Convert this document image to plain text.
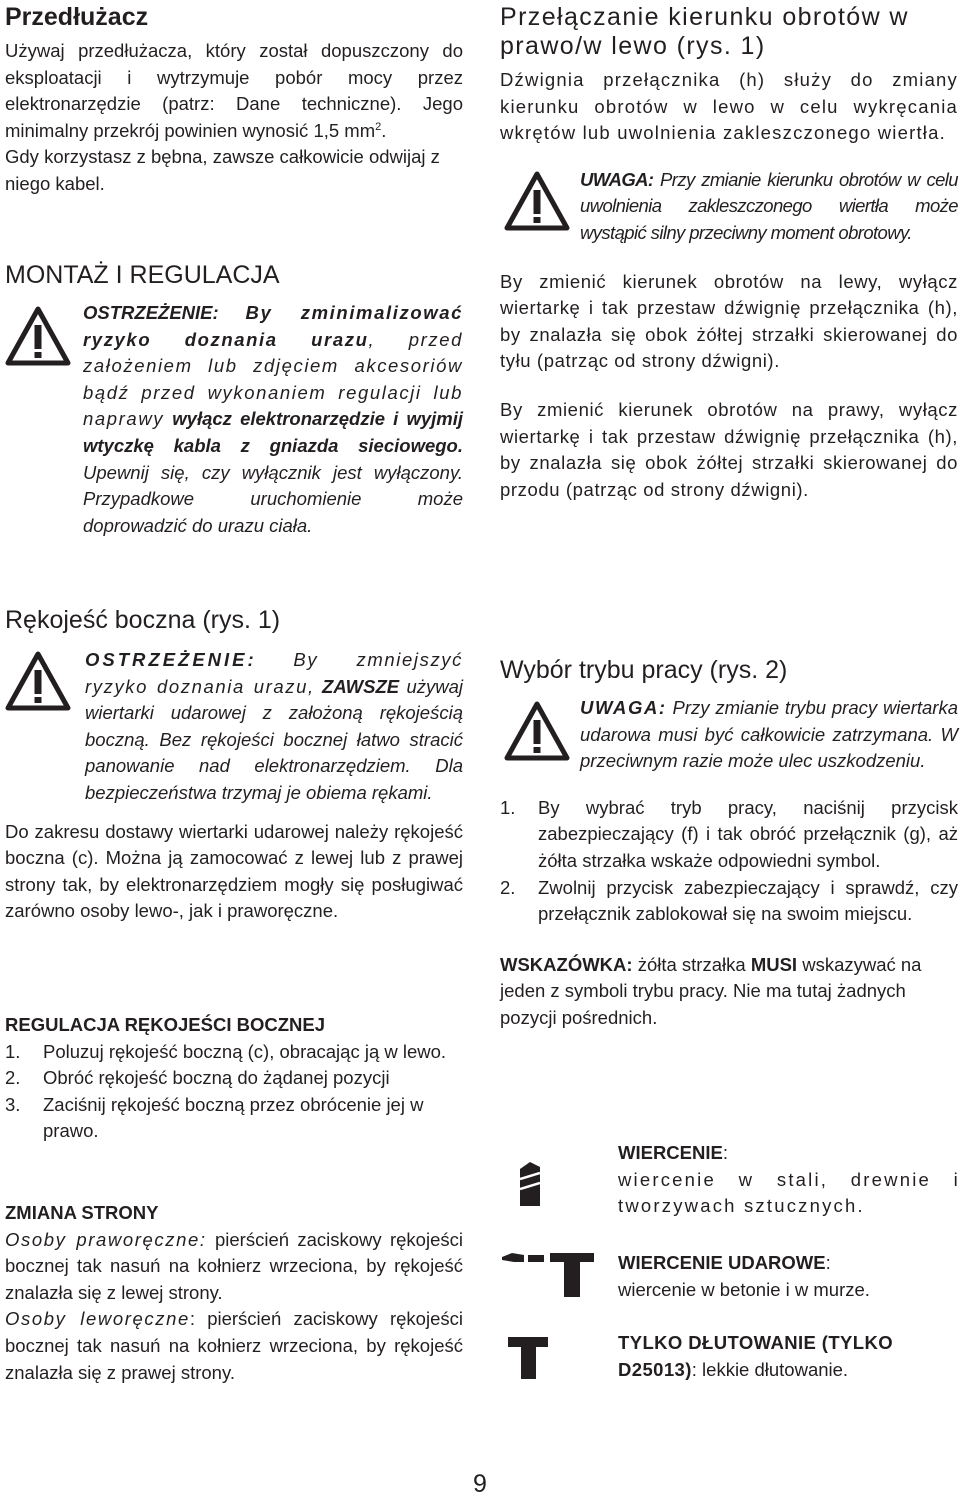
Przedłużacz

Używaj przedłużacza, który został dopuszczony do eksploatacji i wytrzymuje pobór mocy przez elektronarzędzie (patrz: Dane techniczne). Jego minimalny przekrój powinien wynosić 1,5 $mm^2$.

Gdy korzystasz z bębna, zawsze całkowicie odwijaj z niego kabel.

MONTAŻ I REGULACJA

OSTRZEŻENIE: By zminimalizować ryzyko doznania urazu, przed założeniem lub zdjęciem akcesoriów bądź przed wykonaniem regulacji lub naprawy wyłącz elektronarzędzie i wyjmij wtyczkę kabla z gniazda sieciowego. Upewnij się, czy wyłącznik jest wyłączony. Przypadkowe uruchomienie może doprowadzić do urazu ciała.

Rękojeść boczna (rys. 1)

OSTRZEŻENIE: By zmniejszyć ryzyko doznania urazu, ZAWSZE używaj wiertarki udarowej z założoną rękojeścią boczną. Bez rękojeści bocznej łatwo stracić panowanie nad elektronarzędziem. Dla bezpieczeństwa trzymaj je obiema rękami.

Do zakresu dostawy wiertarki udarowej należy rękojeść boczna (c). Można ją zamocować z lewej lub z prawej strony tak, by elektronarzędziem mogły się posługiwać zarówno osoby lewo-, jak i praworęczne.

REGULACJA RĘKOJEŚCI BOCZNEJ

1. Poluzuj rękojeść boczną (c), obracając ją w lewo.
2. Obróć rękojeść boczną do żądanej pozycji
3. Zaciśnij rękojeść boczną przez obrócenie jej w prawo.

ZMIANA STRONY

Osoby praworęczne: pierścień zaciskowy rękojeści bocznej tak nasuń na kołnierz wrzeciona, by rękojeść znalazła się z lewej strony.

Osoby leworęczne: pierścień zaciskowy rękojeści bocznej tak nasuń na kołnierz wrzeciona, by rękojeść znalazła się z prawej strony.

Przełączanie kierunku obrotów w prawo/w lewo (rys. 1)

Dźwignia przełącznika (h) służy do zmiany kierunku obrotów w lewo w celu wykręcania wkrętów lub uwolnienia zakleszczonego wiertła.

UWAGA: Przy zmianie kierunku obrotów w celu uwolnienia zakleszczonego wiertła może wystąpić silny przeciwny moment obrotowy.

By zmienić kierunek obrotów na lewy, wyłącz wiertarkę i tak przestaw dźwignię przełącznika (h), by znalazła się obok żółtej strzałki skierowanej do tyłu (patrząc od strony dźwigni).

By zmienić kierunek obrotów na prawy, wyłącz wiertarkę i tak przestaw dźwignię przełącznika (h), by znalazła się obok żółtej strzałki skierowanej do przodu (patrząc od strony dźwigni).

Wybór trybu pracy (rys. 2)

UWAGA: Przy zmianie trybu pracy wiertarka udarowa musi być całkowicie zatrzymana. W przeciwnym razie może ulec uszkodzeniu.

1. By wybrać tryb pracy, naciśnij przycisk zabezpieczający (f) i tak obróć przełącznik (g), aż żółta strzałka wskaże odpowiedni symbol.
2. Zwolnij przycisk zabezpieczający i sprawdź, czy przełącznik zablokował się na swoim miejscu.

WSKAZÓWKA: żółta strzałka MUSI wskazywać na jeden z symboli trybu pracy. Nie ma tutaj żadnych pozycji pośrednich.

WIERCENIE:

wiercenie w stali, drewnie i tworzywach sztucznych.

WIERCENIE UDAROWE:

wiercenie w betonie i w murze.

TYLKO DŁUTOWANIE (TYLKO D25013): lekkie dłutowanie.

9
